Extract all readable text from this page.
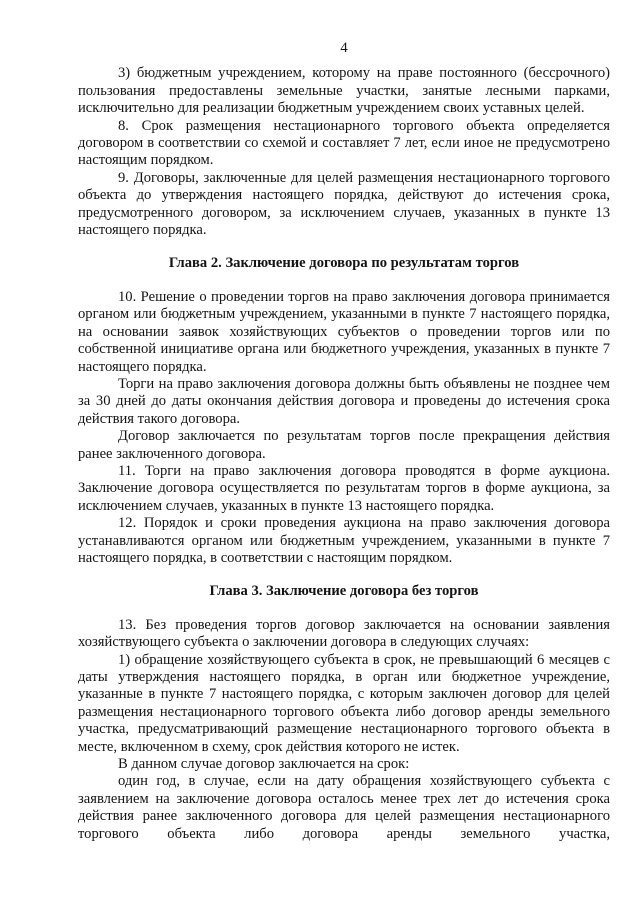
4

3) бюджетным учреждением, которому на праве постоянного (бессрочного) пользования предоставлены земельные участки, занятые лесными парками, исключительно для реализации бюджетным учреждением своих уставных целей.

8. Срок размещения нестационарного торгового объекта определяется договором в соответствии со схемой и составляет 7 лет, если иное не предусмотрено настоящим порядком.

9. Договоры, заключенные для целей размещения нестационарного торгового объекта до утверждения настоящего порядка, действуют до истечения срока, предусмотренного договором, за исключением случаев, указанных в пункте 13 настоящего порядка.

Глава 2. Заключение договора по результатам торгов

10. Решение о проведении торгов на право заключения договора принимается органом или бюджетным учреждением, указанными в пункте 7 настоящего порядка, на основании заявок хозяйствующих субъектов о проведении торгов или по собственной инициативе органа или бюджетного учреждения, указанных в пункте 7 настоящего порядка.

Торги на право заключения договора должны быть объявлены не позднее чем за 30 дней до даты окончания действия договора и проведены до истечения срока действия такого договора.

Договор заключается по результатам торгов после прекращения действия ранее заключенного договора.

11. Торги на право заключения договора проводятся в форме аукциона. Заключение договора осуществляется по результатам торгов в форме аукциона, за исключением случаев, указанных в пункте 13 настоящего порядка.

12. Порядок и сроки проведения аукциона на право заключения договора устанавливаются органом или бюджетным учреждением, указанными в пункте 7 настоящего порядка, в соответствии с настоящим порядком.

Глава 3. Заключение договора без торгов

13. Без проведения торгов договор заключается на основании заявления хозяйствующего субъекта о заключении договора в следующих случаях:

1) обращение хозяйствующего субъекта в срок, не превышающий 6 месяцев с даты утверждения настоящего порядка, в орган или бюджетное учреждение, указанные в пункте 7 настоящего порядка, с которым заключен договор для целей размещения нестационарного торгового объекта либо договор аренды земельного участка, предусматривающий размещение нестационарного торгового объекта в месте, включенном в схему, срок действия которого не истек.

В данном случае договор заключается на срок:

один год, в случае, если на дату обращения хозяйствующего субъекта с заявлением на заключение договора осталось менее трех лет до истечения срока действия ранее заключенного договора для целей размещения нестационарного торгового объекта либо договора аренды земельного участка,
